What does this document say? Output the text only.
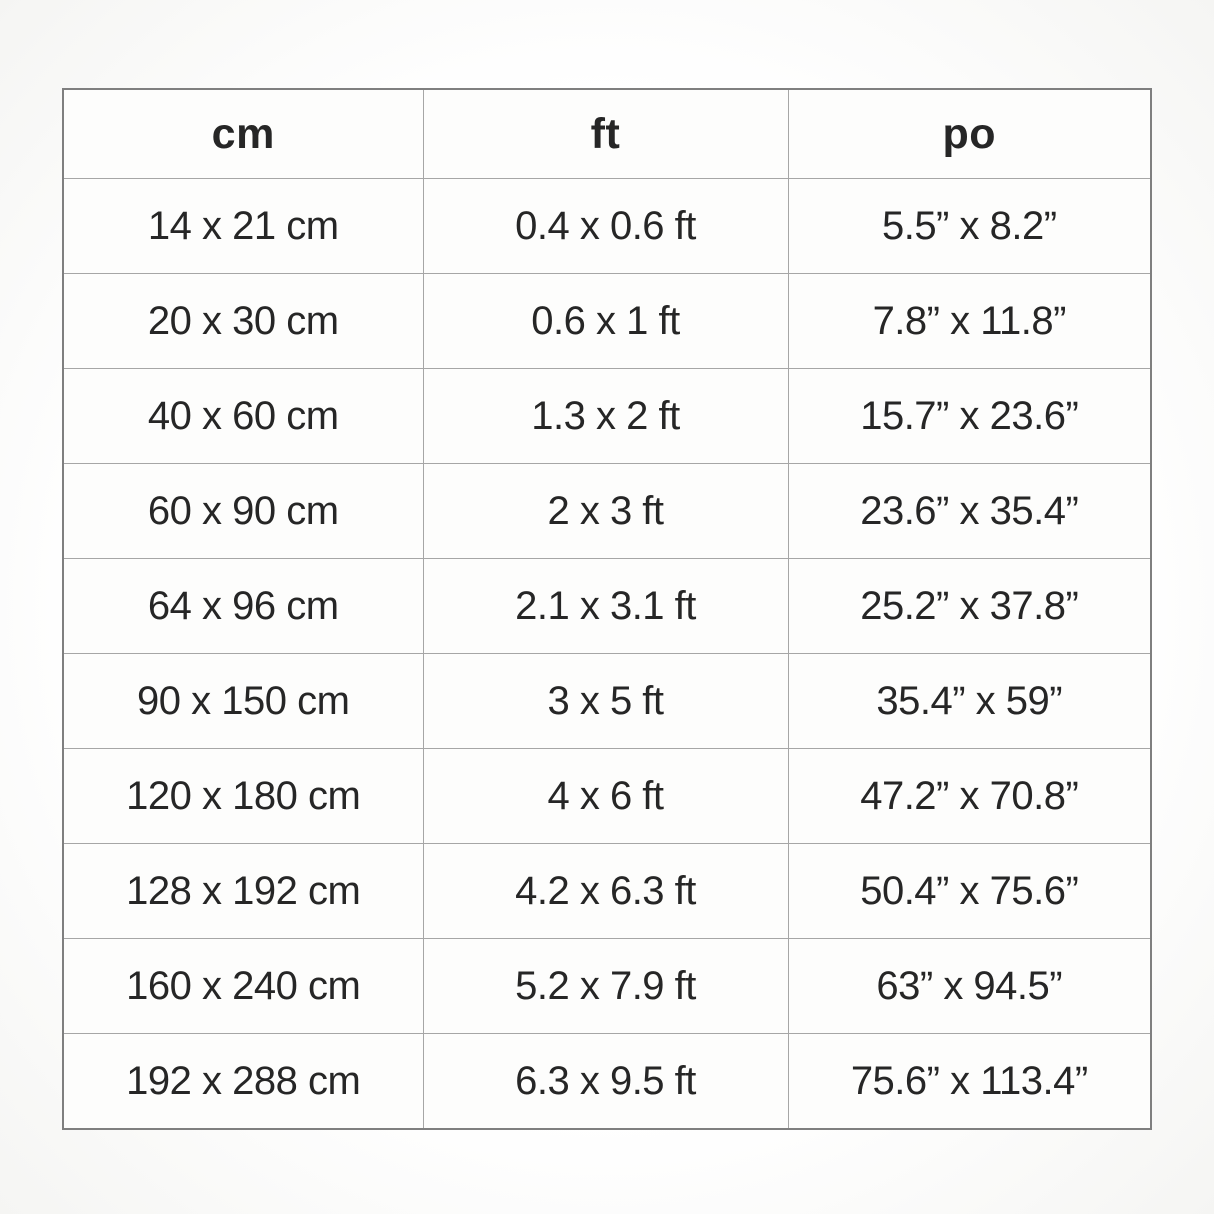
cm	ft	po
14 x 21 cm	0.4 x 0.6 ft	5.5” x 8.2”
20 x 30 cm	0.6 x 1 ft	7.8” x 11.8”
40 x 60 cm	1.3 x 2 ft	15.7” x 23.6”
60 x 90 cm	2 x 3 ft	23.6” x 35.4”
64 x 96 cm	2.1 x 3.1 ft	25.2” x 37.8”
90 x 150 cm	3 x 5 ft	35.4” x 59”
120 x 180 cm	4 x 6 ft	47.2” x 70.8”
128 x 192 cm	4.2 x 6.3 ft	50.4” x 75.6”
160 x 240 cm	5.2 x 7.9 ft	63” x 94.5”
192 x 288 cm	6.3 x 9.5 ft	75.6” x 113.4”
